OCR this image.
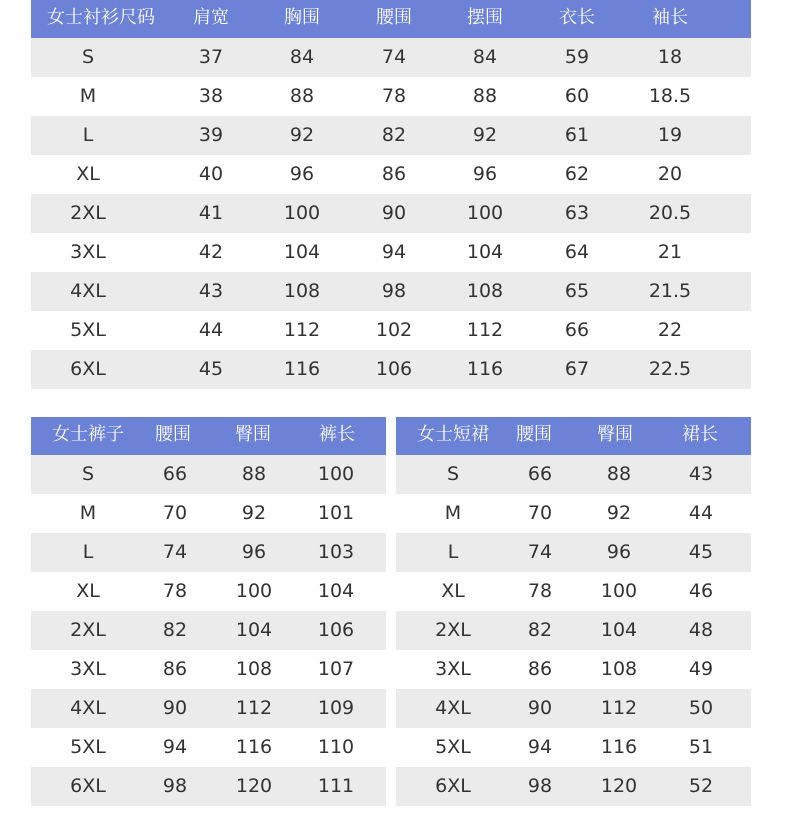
女士衬衫尺码 肩宽	胸围	腰围	摆围	衣长	袖长
S	37	84	74	84	59	18
M	38	88	78	88	60	18.5
L	39	92	82	92	61	19
XL	40	96	86	96	62	20
2XL	41	100	90	100	63	20.5
3XL	42	104	94	104	64	21
4XL	43	108	98	108	65	21.5
5XL	44	112	102	112	66	22
6XL	45	116	106	116	67	22.5
女士裤子 腰围 臀围	裤长
S	66	88	100
M	70	92	101
L	74	96	103
XL	78	100 104
2XL	82	104 106
3XL	86	108 107
4XL	90	112 109
5XL	94	116 110
6XL	98	120 111
女士短裙 腰围	臀围	裙长
S	66	88	43
M	70	92	44
L	74	96	45
XL	78	100	46
2XL	82	104	48
3XL	86	108	49
4XL	90	112	50
5XL	94	116	51
6XL	98	120	52
